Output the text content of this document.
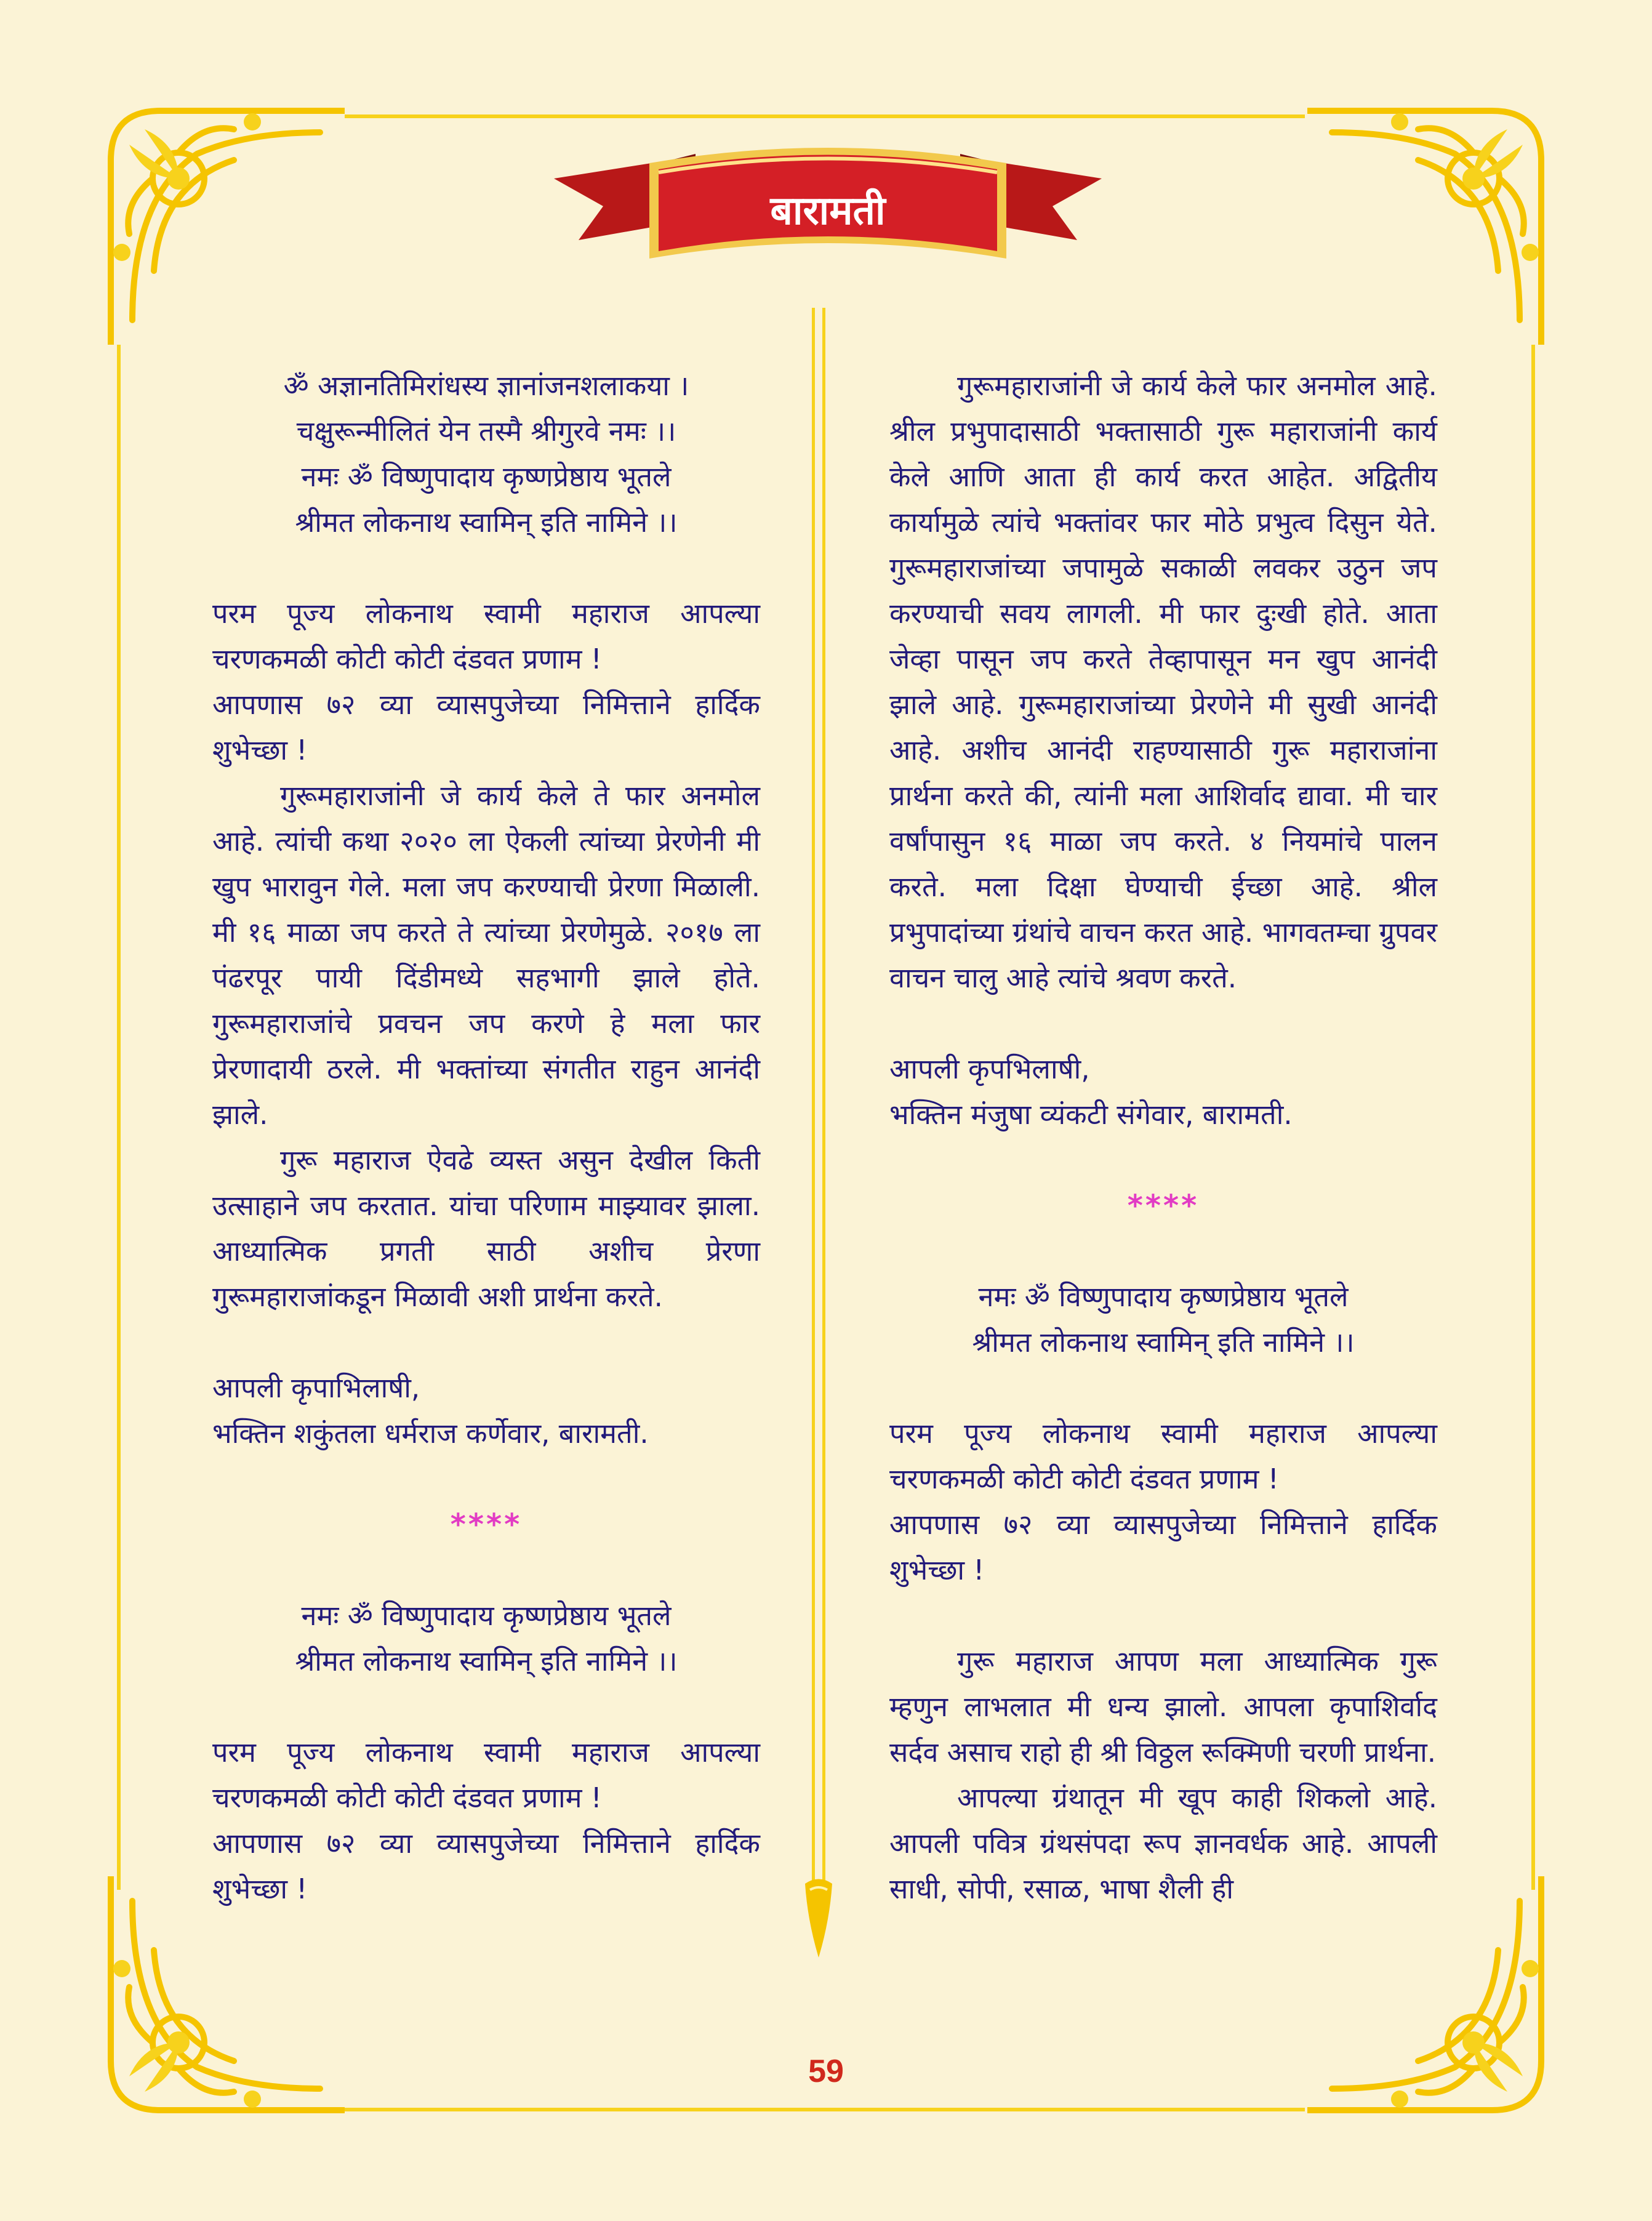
बारामती

ॐ अज्ञानतिमिरांधस्य ज्ञानांजनशलाकया ।

चक्षुरून्मीलितं येन तस्मै श्रीगुरवे नमः ।।

नमः ॐ विष्णुपादाय कृष्णप्रेष्ठाय भूतले

श्रीमत लोकनाथ स्वामिन् इति नामिने ।।

परम पूज्य लोकनाथ स्वामी महाराज आपल्या चरणकमळी कोटी कोटी दंडवत प्रणाम !

आपणास ७२ व्या व्यासपुजेच्या निमित्ताने हार्दिक शुभेच्छा !

गुरूमहाराजांनी जे कार्य केले ते फार अनमोल आहे. त्यांची कथा २०२० ला ऐकली त्यांच्या प्रेरणेनी मी खुप भारावुन गेले. मला जप करण्याची प्रेरणा मिळाली. मी १६ माळा जप करते ते त्यांच्या प्रेरणेमुळे. २०१७ ला पंढरपूर पायी दिंडीमध्ये सहभागी झाले होते. गुरूमहाराजांचे प्रवचन जप करणे हे मला फार प्रेरणादायी ठरले. मी भक्तांच्या संगतीत राहुन आनंदी झाले.

गुरू महाराज ऐवढे व्यस्त असुन देखील किती उत्साहाने जप करतात. यांचा परिणाम माझ्यावर झाला. आध्यात्मिक प्रगती साठी अशीच प्रेरणा गुरूमहाराजांकडून मिळावी अशी प्रार्थना करते.

आपली कृपाभिलाषी,

भक्तिन शकुंतला धर्मराज कर्णेवार, बारामती.

****

नमः ॐ विष्णुपादाय कृष्णप्रेष्ठाय भूतले

श्रीमत लोकनाथ स्वामिन् इति नामिने ।।

परम पूज्य लोकनाथ स्वामी महाराज आपल्या चरणकमळी कोटी कोटी दंडवत प्रणाम !

आपणास ७२ व्या व्यासपुजेच्या निमित्ताने हार्दिक शुभेच्छा !

गुरूमहाराजांनी जे कार्य केले फार अनमोल आहे. श्रील प्रभुपादासाठी भक्तासाठी गुरू महाराजांनी कार्य केले आणि आता ही कार्य करत आहेत. अद्वितीय कार्यामुळे त्यांचे भक्तांवर फार मोठे प्रभुत्व दिसुन येते. गुरूमहाराजांच्या जपामुळे सकाळी लवकर उठुन जप करण्याची सवय लागली. मी फार दुःखी होते. आता जेव्हा पासून जप करते तेव्हापासून मन खुप आनंदी झाले आहे. गुरूमहाराजांच्या प्रेरणेने मी सुखी आनंदी आहे. अशीच आनंदी राहण्यासाठी गुरू महाराजांना प्रार्थना करते की, त्यांनी मला आशिर्वाद द्यावा. मी चार वर्षांपासुन १६ माळा जप करते. ४ नियमांचे पालन करते. मला दिक्षा घेण्याची ईच्छा आहे. श्रील प्रभुपादांच्या ग्रंथांचे वाचन करत आहे. भागवतम्चा ग्रुपवर वाचन चालु आहे त्यांचे श्रवण करते.

आपली कृपभिलाषी,

भक्तिन मंजुषा व्यंकटी संगेवार, बारामती.

****

नमः ॐ विष्णुपादाय कृष्णप्रेष्ठाय भूतले

श्रीमत लोकनाथ स्वामिन् इति नामिने ।।

परम पूज्य लोकनाथ स्वामी महाराज आपल्या चरणकमळी कोटी कोटी दंडवत प्रणाम !

आपणास ७२ व्या व्यासपुजेच्या निमित्ताने हार्दिक शुभेच्छा !

गुरू महाराज आपण मला आध्यात्मिक गुरू म्हणुन लाभलात मी धन्य झालो. आपला कृपाशिर्वाद सर्दव असाच राहो ही श्री विठ्ठल रूक्मिणी चरणी प्रार्थना.

आपल्या ग्रंथातून मी खूप काही शिकलो आहे. आपली पवित्र ग्रंथसंपदा रूप ज्ञानवर्धक आहे. आपली साधी, सोपी, रसाळ, भाषा शैली ही

59
